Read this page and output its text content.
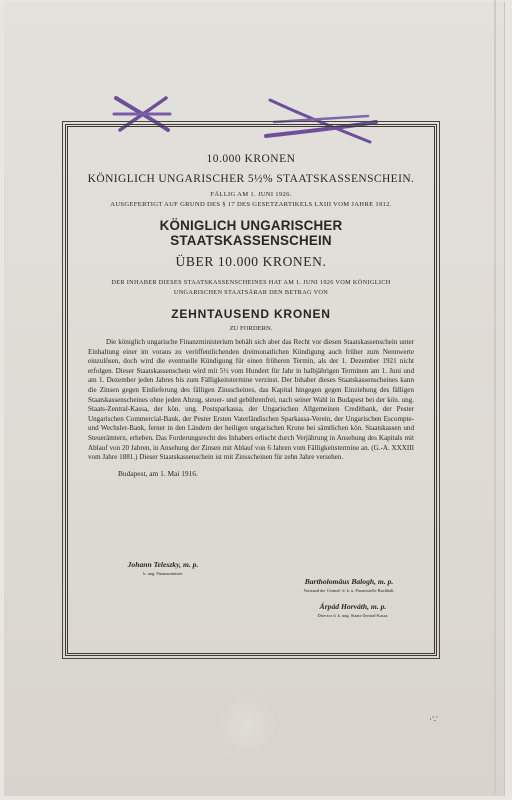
10.000 KRONEN
KÖNIGLICH UNGARISCHER 5½% STAATSKASSENSCHEIN.
FÄLLIG AM 1. JUNI 1926.
AUSGEFERTIGT AUF GRUND DES § 17 DES GESETZARTIKELS LXIII VOM JAHRE 1912.
KÖNIGLICH UNGARISCHER STAATSKASSENSCHEIN
ÜBER 10.000 KRONEN.
DER INHABER DIESES STAATSKASSENSCHEINES HAT AM 1. JUNI 1926 VOM KÖNIGLICH UNGARISCHEN STAATSÄRAR DEN BETRAG VON
ZEHNTAUSEND KRONEN
ZU FORDERN.

Die königlich ungarische Finanzministerium behält sich aber das Recht vor diesen Staatskassenschein unter Einhaltung einer im voraus zu veröffentlichenden dreimonatlichen Kündigung auch früher zum Nennwerte einzulösen, doch wird die eventuelle Kündigung für einen früheren Termin, als der 1. Dezember 1921 nicht erfolgen. Dieser Staatskassenschein wird mit 5½ vom Hundert für Jahr in halbjährigen Terminen am 1. Juni und am 1. Dezember jeden Jahres bis zum Fälligkeitstermine verzinst. Der Inhaber dieses Staatskassenscheines kann die Zinsen gegen Einlieferung des fälligen Zinsscheines, das Kapital hingegen gegen Einziehung des fälligen Staatskassenscheines ohne jeden Abzug, steuer- und gebührenfrei, nach seiner Wahl in Budapest bei der kön. ung. Staats-Zentral-Kassa, der kön. ung. Postsparkassa, der Ungarischen Allgemeinen Creditbank, der Pester Ungarischen Commercial-Bank, der Pester Ersten Vaterländischen Sparkassa-Verein, der Ungarischen Escompte- und Wechsler-Bank, ferner in den Ländern der heiligen ungarischen Krone bei sämtlichen kön. Staatskassen und Steuerämtern, erheben. Das Forderungsrecht des Inhabers erlischt durch Verjährung in Ansehung des Kapitals mit Ablauf von 20 Jahren, in Ansehung der Zinsen mit Ablauf von 6 Jahren vom Fälligkeitstermine an. (G.-A. XXXIII vom Jahre 1881.) Dieser Staatskassenschein ist mit Zinsscheinen für zehn Jahre versehen.

Budapest, am 1. Mai 1916.
Johann Teleszky, m. p.
k. ung. Finanzminister
Bartholomäus Balogh, m. p.
Vorstand der Central- d. k. u. Finanzstelle Buchhalt.
Árpád Horváth, m. p.
Director d. k. ung. Staats-Zentral-Kassa.
·∵
